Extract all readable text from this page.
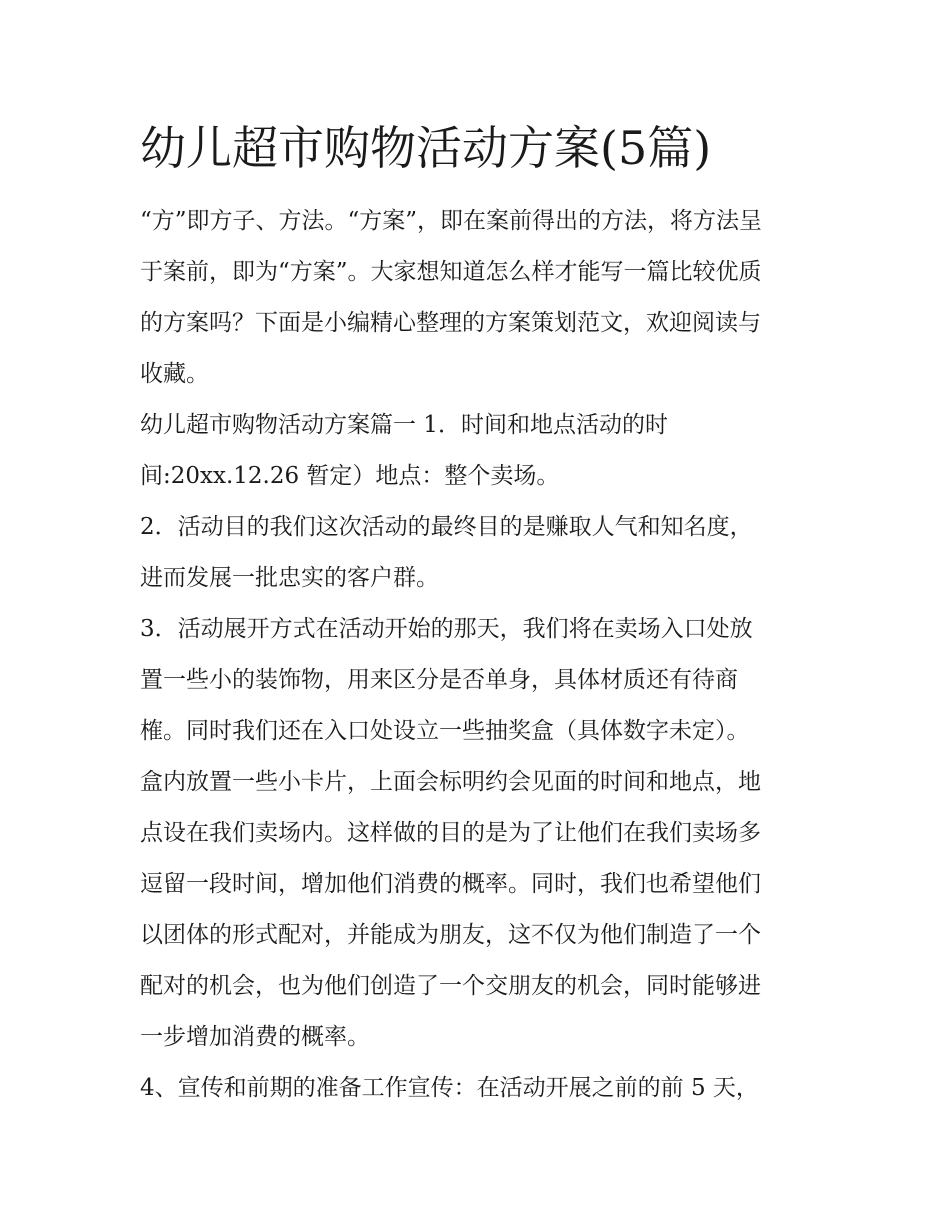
幼儿超市购物活动方案(5篇)

“方”即方子、方法。“方案”，即在案前得出的方法，将方法呈
于案前，即为“方案”。大家想知道怎么样才能写一篇比较优质
的方案吗？下面是小编精心整理的方案策划范文，欢迎阅读与
收藏。

幼儿超市购物活动方案篇一 1．时间和地点活动的时
间:20xx.12.26 暂定）地点：整个卖场。

2．活动目的我们这次活动的最终目的是赚取人气和知名度，
进而发展一批忠实的客户群。

3．活动展开方式在活动开始的那天，我们将在卖场入口处放
置一些小的装饰物，用来区分是否单身，具体材质还有待商
榷。同时我们还在入口处设立一些抽奖盒（具体数字未定）。
盒内放置一些小卡片，上面会标明约会见面的时间和地点，地
点设在我们卖场内。这样做的目的是为了让他们在我们卖场多
逗留一段时间，增加他们消费的概率。同时，我们也希望他们
以团体的形式配对，并能成为朋友，这不仅为他们制造了一个
配对的机会，也为他们创造了一个交朋友的机会，同时能够进
一步增加消费的概率。

4、宣传和前期的准备工作宣传：在活动开展之前的前 5 天，
